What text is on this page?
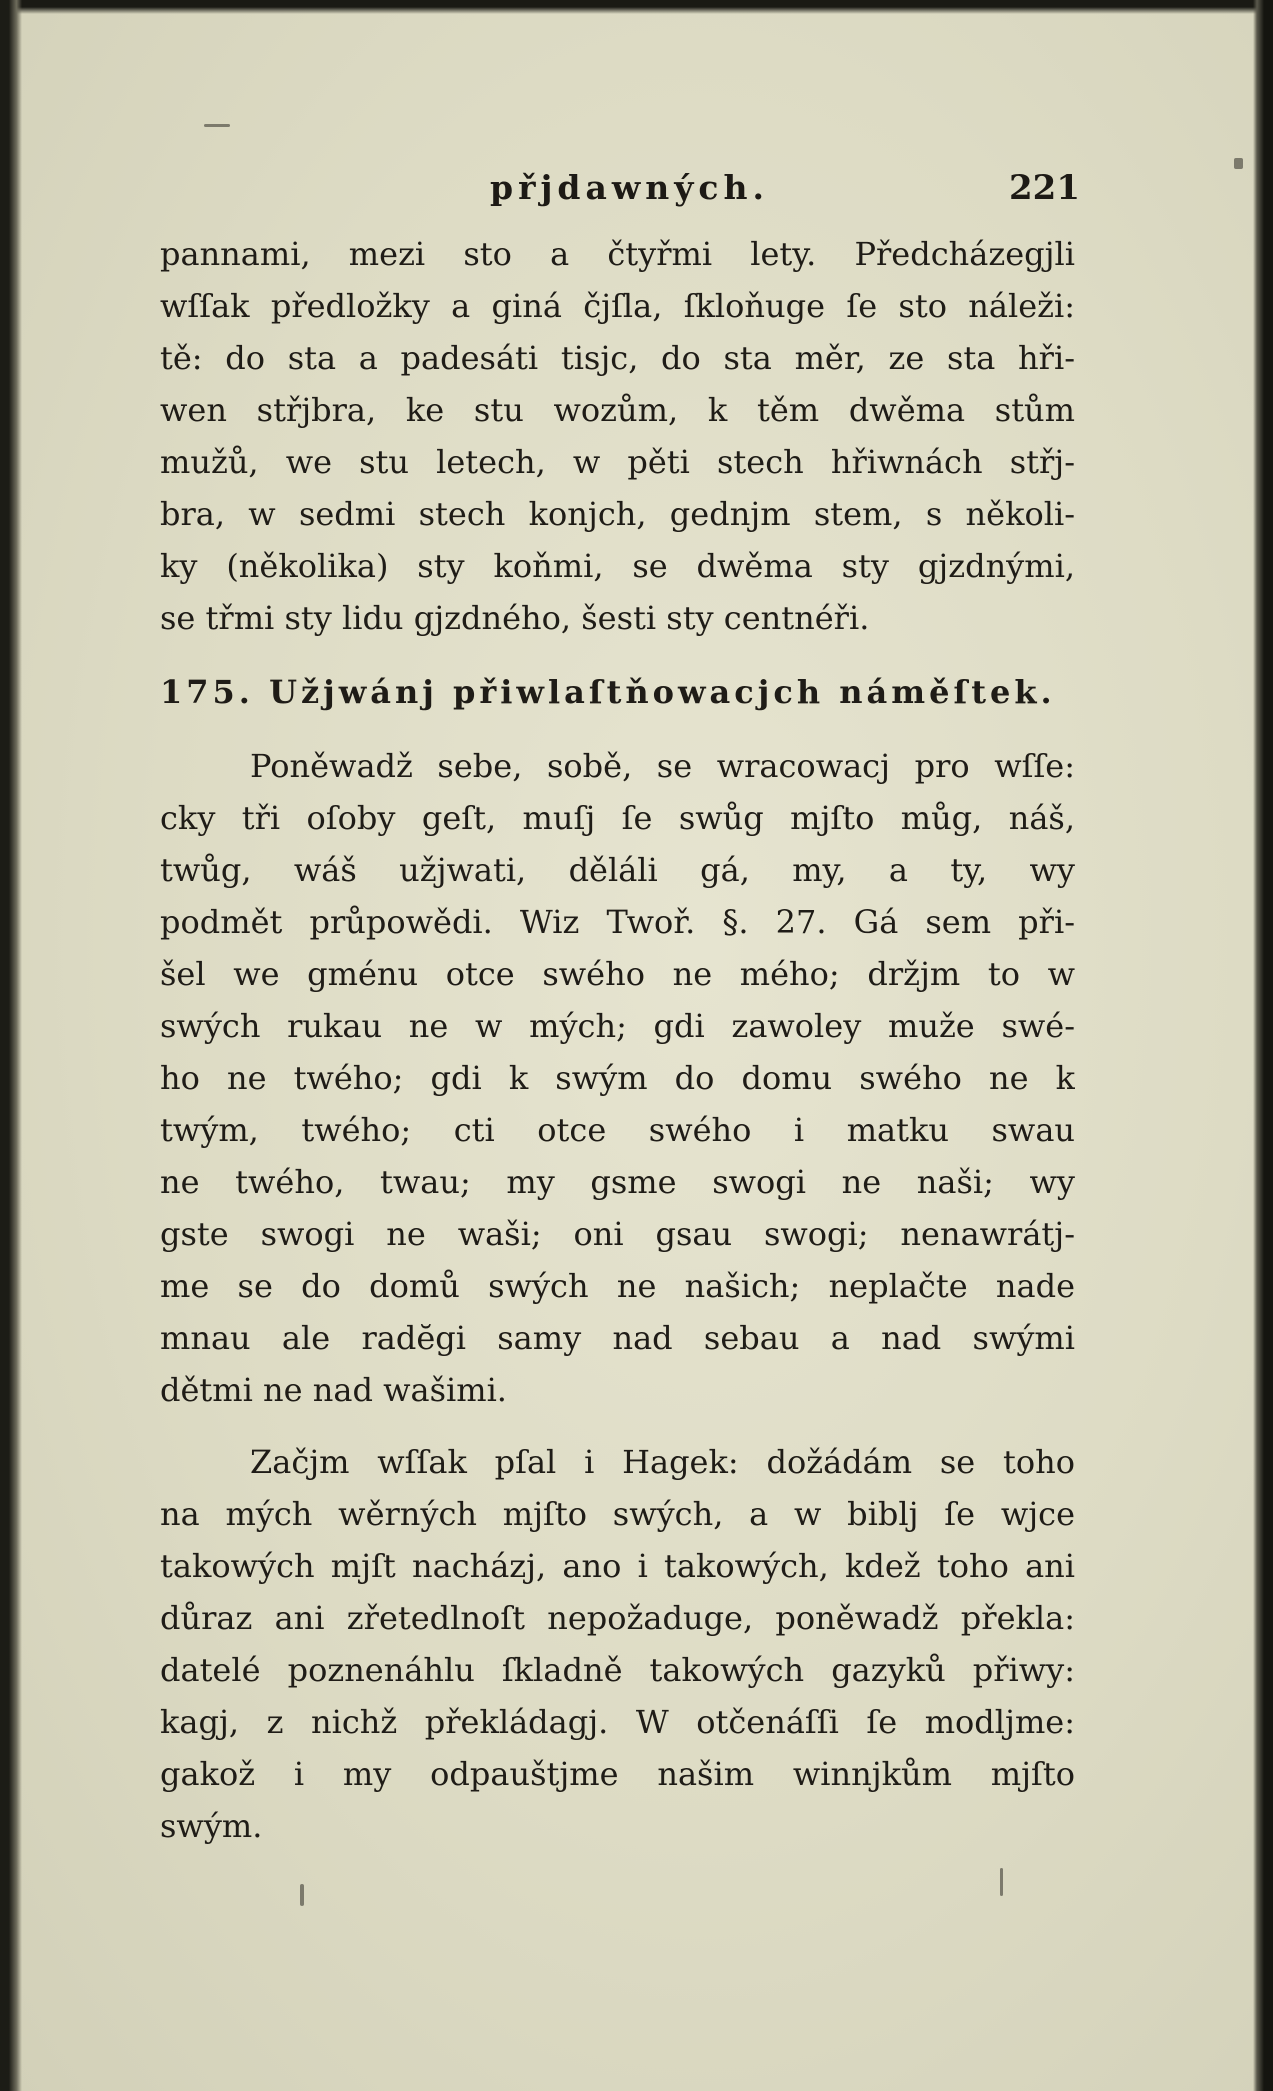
přjdawných.	221
pannami, mezi sto a čtyřmi lety. Předcházegjli
wſſak předložky a giná čjſla, ſkloňuge ſe sto náleži:
tě: do sta a padesáti tisjc, do sta měr, ze sta hři-
wen střjbra, ke stu wozům, k těm dwěma stům
mužů, we stu letech, w pěti stech hřiwnách střj-
bra, w sedmi stech konjch, gednjm stem, s několi-
ky (několika) sty koňmi, se dwěma sty gjzdnými,
se třmi sty lidu gjzdného, šesti sty centnéři.
175. Užjwánj přiwlaſtňowacjch náměſtek.
Poněwadž sebe, sobě, se wracowacj pro wſſe:
cky tři oſoby geſt, muſj ſe swůg mjſto můg, náš,
twůg, wáš užjwati, děláli gá, my, a ty, wy
podmět průpowědi. Wiz Twoř. §. 27. Gá sem při-
šel we gménu otce swého ne mého; držjm to w
swých rukau ne w mých; gdi zawoley muže swé-
ho ne twého; gdi k swým do domu swého ne k
twým, twého; cti otce swého i matku swau
ne twého, twau; my gsme swogi ne naši; wy
gste swogi ne waši; oni gsau swogi; nenawrátj-
me se do domů swých ne našich; neplačte nade
mnau ale radĕgi samy nad sebau a nad swými
dětmi ne nad wašimi.
Začjm wſſak pſal i Hagek: dožádám se toho
na mých wěrných mjſto swých, a w biblj ſe wjce
takowých mjſt nacházj, ano i takowých, kdež toho ani
důraz ani zřetedlnoſt nepožaduge, poněwadž překla:
datelé poznenáhlu ſkladně takowých gazyků přiwy:
kagj, z nichž překládagj. W otčenáſſi ſe modljme:
gakož i my odpauštjme našim winnjkům mjſto
swým.
